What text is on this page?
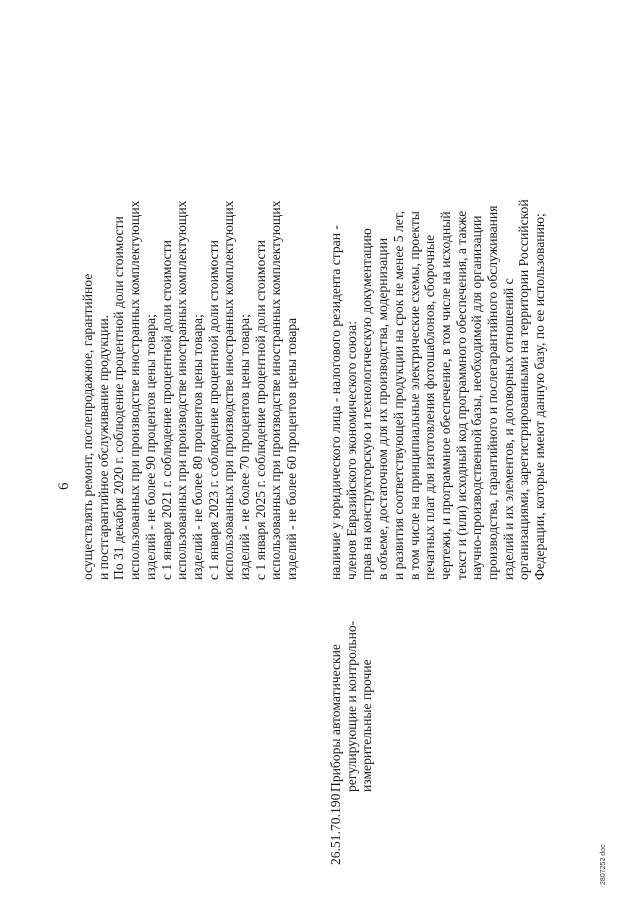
6 осуществлять ремонт, послепродажное, гарантийное и постгарантийное обслуживание продукции. По 31 декабря 2020 г. соблюдение процентной доли стоимости использованных при производстве иностранных комплектующих изделий - не более 90 процентов цены товара; с 1 января 2021 г. соблюдение процентной доли стоимости использованных при производстве иностранных комплектующих изделий - не более 80 процентов цены товара; с 1 января 2023 г. соблюдение процентной доли стоимости использованных при производстве иностранных комплектующих изделий - не более 70 процентов цены товара; с 1 января 2025 г. соблюдение процентной доли стоимости использованных при производстве иностранных комплектующих изделий - не более 60 процентов цены товара
26.51.70.190
Приборы автоматические регулирующие и контрольно- измерительные прочие
наличие у юридического лица - налогового резидента стран - членов Евразийского экономического союза: прав на конструкторскую и технологическую документацию в объеме, достаточном для их производства, модернизации и развития соответствующей продукции на срок не менее 5 лет, в том числе на принципиальные электрические схемы, проекты печатных плат для изготовления фотошаблонов, сборочные чертежи, и программное обеспечение, в том числе на исходный текст и (или) исходный код программного обеспечения, а также научно-производственной базы, необходимой для организации производства, гарантийного и послегарантийного обслуживания изделий и их элементов, и договорных отношений с организациями, зарегистрированными на территории Российской Федерации, которые имеют данную базу, по ее использованию;
2807252 doc
